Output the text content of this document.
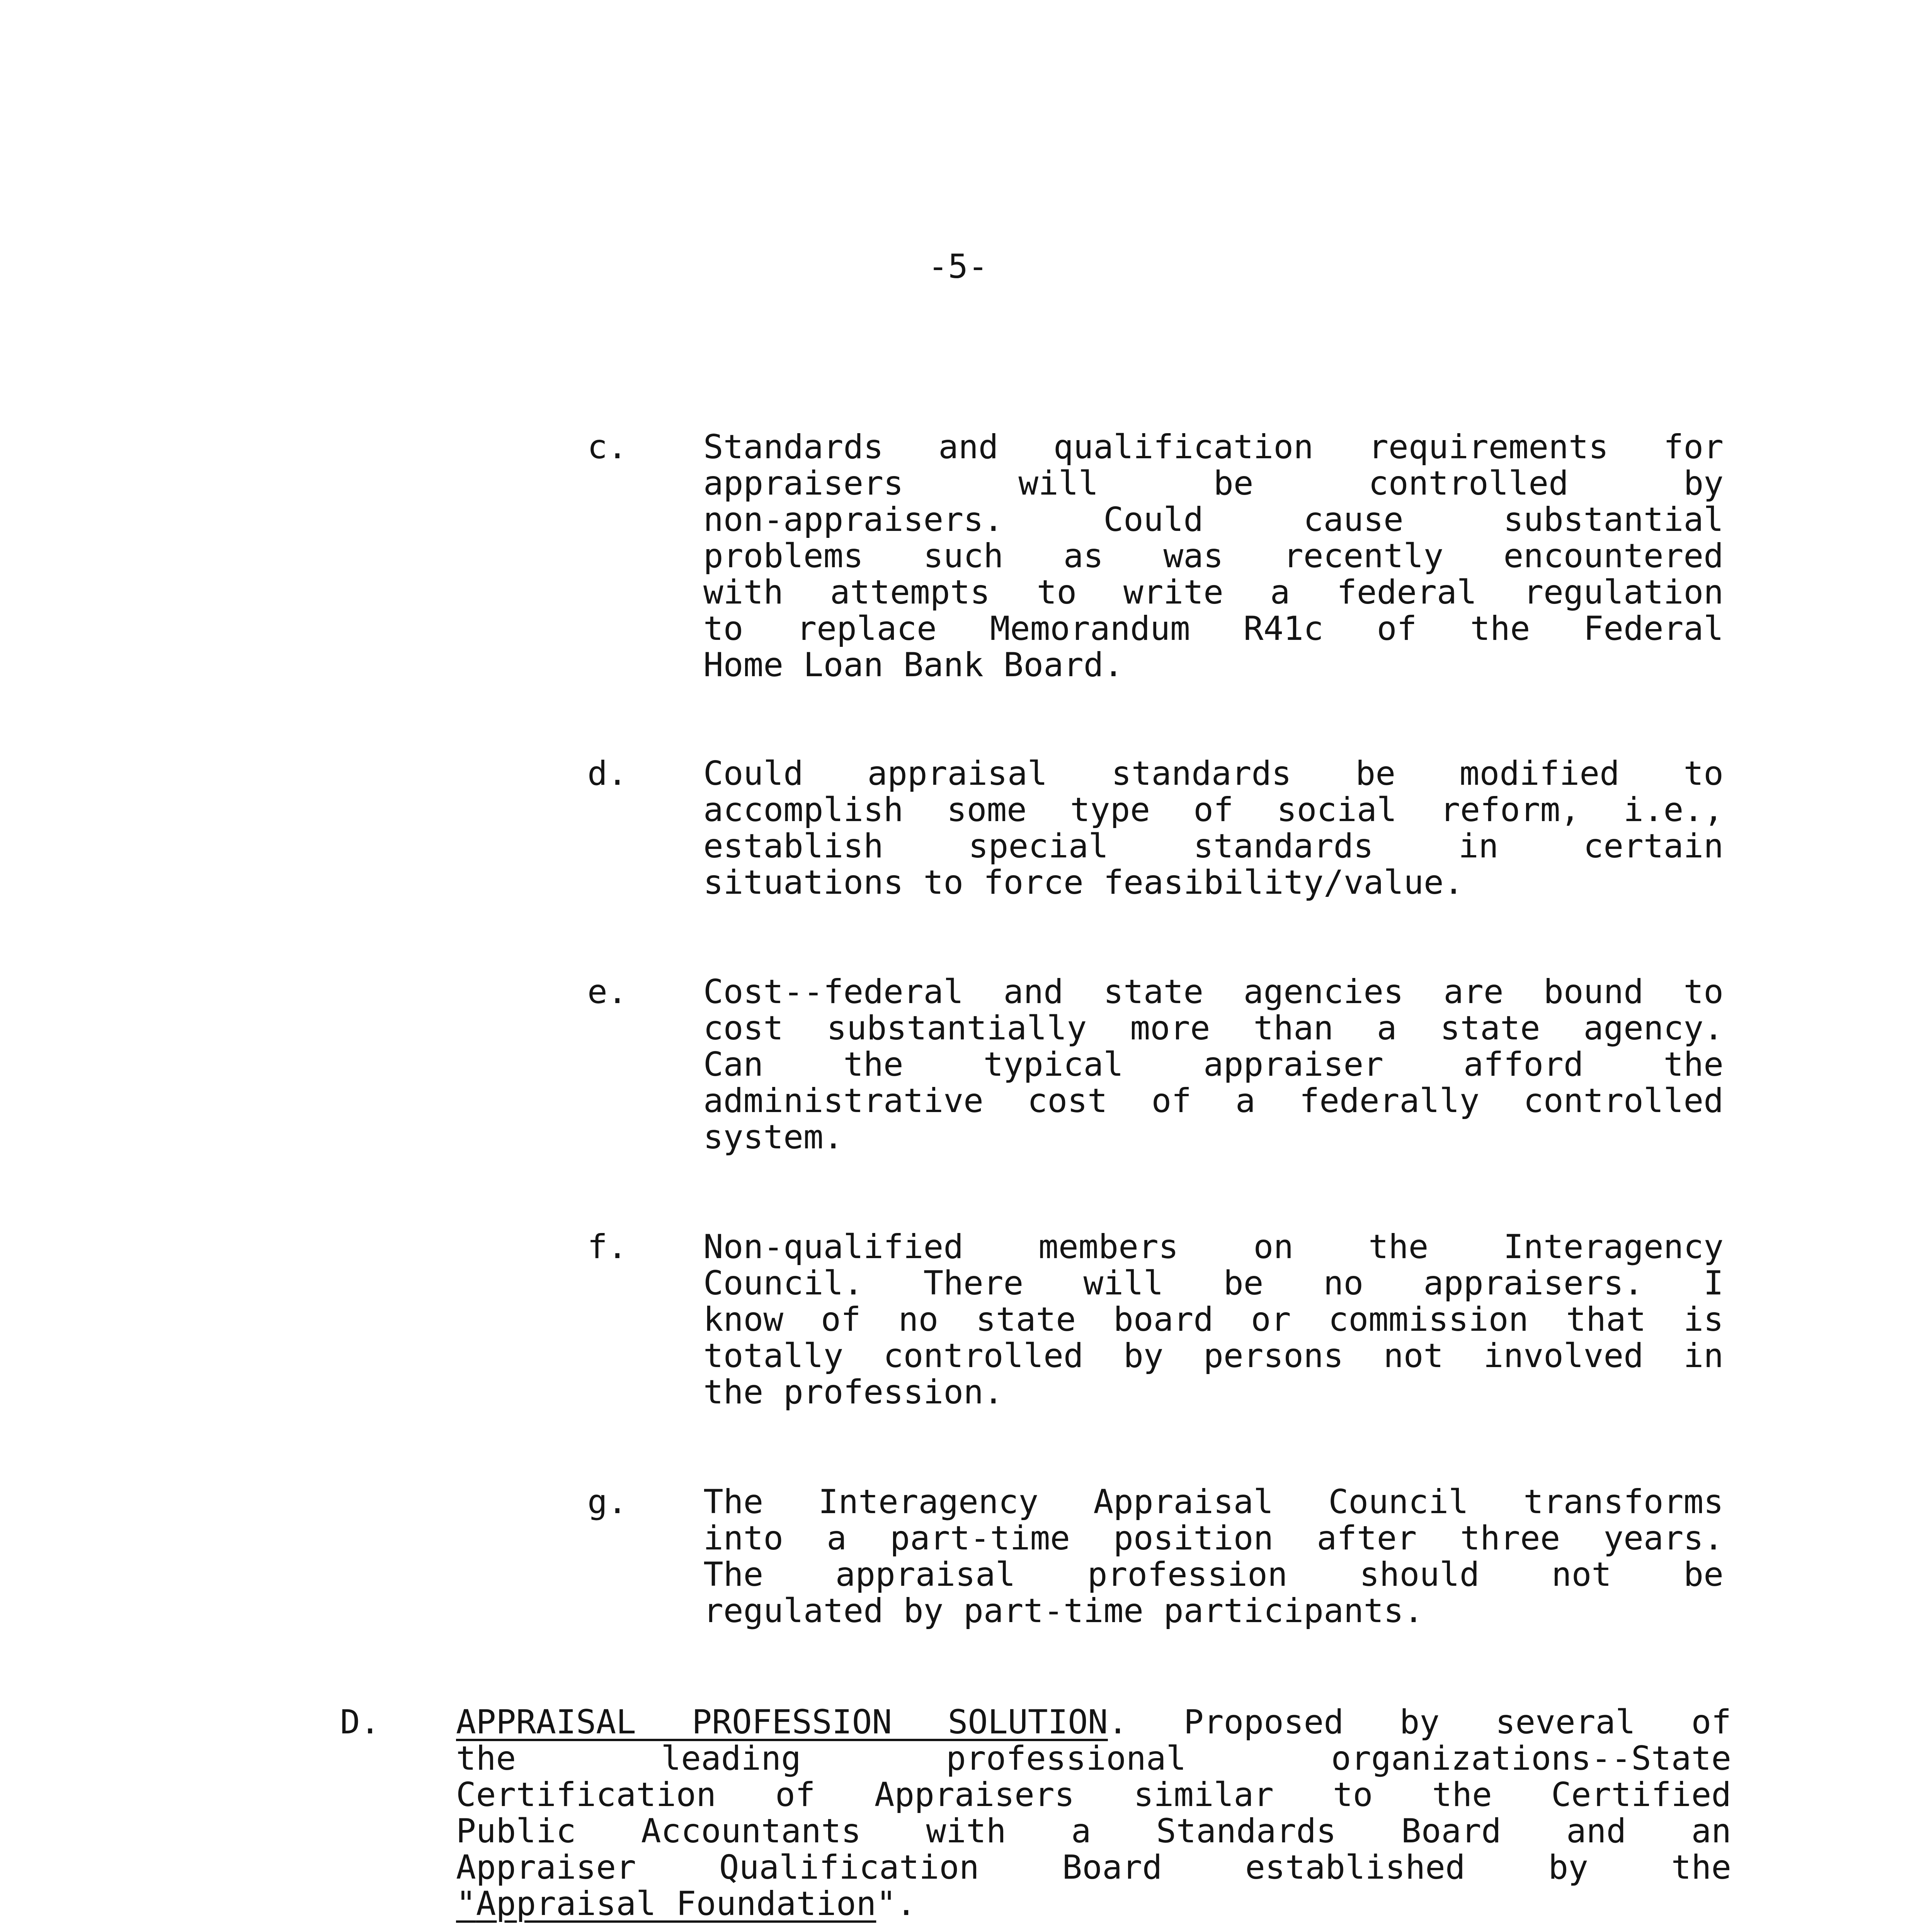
-5-
c. Standards and qualification requirements for
appraisers will be controlled by
non-appraisers. Could cause substantial
problems such as was recently encountered
with attempts to write a federal regulation
to replace Memorandum R41c of the Federal
Home Loan Bank Board.
d. Could appraisal standards be modified to
accomplish some type of social reform, i.e.,
establish special standards in certain
situations to force feasibility/value.
e. Cost--federal and state agencies are bound to
cost substantially more than a state agency.
Can the typical appraiser afford the
administrative cost of a federally controlled
system.
f. Non-qualified members on the Interagency
Council. There will be no appraisers. I
know of no state board or commission that is
totally controlled by persons not involved in
the profession.
g. The Interagency Appraisal Council transforms
into a part-time position after three years.
The appraisal profession should not be
regulated by part-time participants.
D. APPRAISAL PROFESSION SOLUTION. Proposed by several of
the leading professional organizations--State
Certification of Appraisers similar to the Certified
Public Accountants with a Standards Board and an
Appraiser Qualification Board established by the
"Appraisal Foundation".
